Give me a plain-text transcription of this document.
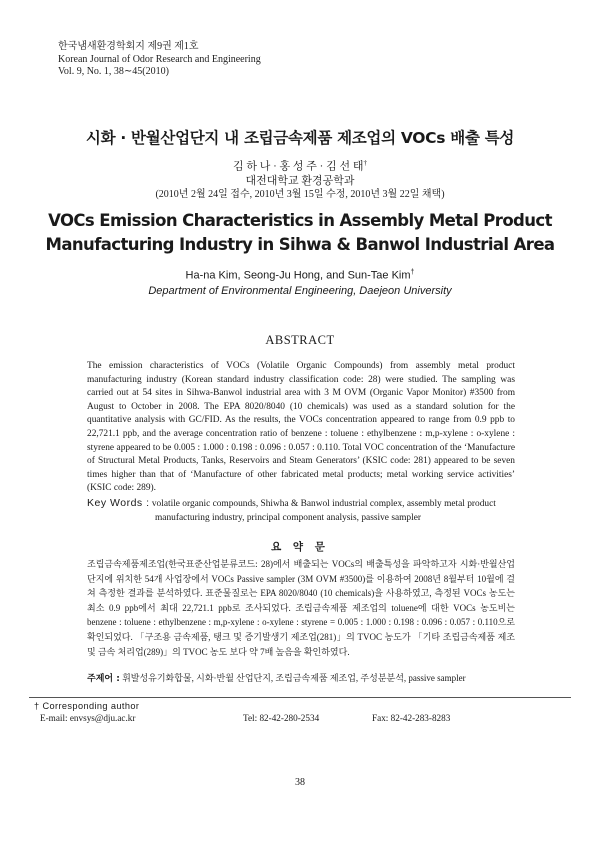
한국냄새환경학회지 제9권 제1호
Korean Journal of Odor Research and Engineering
Vol. 9, No. 1, 38∼45(2010)
시화 · 반월산업단지 내 조립금속제품 제조업의 VOCs 배출 특성
김 하 나 · 홍 성 주 · 김 선 태†
대전대학교 환경공학과
(2010년 2월 24일 접수, 2010년 3월 15일 수정, 2010년 3월 22일 채택)
VOCs Emission Characteristics in Assembly Metal Product
Manufacturing Industry in Sihwa & Banwol Industrial Area
Ha-na Kim, Seong-Ju Hong, and Sun-Tae Kim†
Department of Environmental Engineering, Daejeon University
ABSTRACT
The emission characteristics of VOCs (Volatile Organic Compounds) from assembly metal product manufacturing industry (Korean standard industry classification code: 28) were studied. The sampling was carried out at 54 sites in Sihwa-Banwol industrial area with 3 M OVM (Organic Vapor Monitor) #3500 from August to October in 2008. The EPA 8020/8040 (10 chemicals) was used as a standard solution for the quantitative analysis with GC/FID. As the results, the VOCs concentration appeared to range from 0.9 ppb to 22,721.1 ppb, and the average concentration ratio of benzene : toluene : ethylbenzene : m,p-xylene : o-xylene : styrene appeared to be 0.005 : 1.000 : 0.198 : 0.096 : 0.057 : 0.110. Total VOC concentration of the ‘Manufacture of Structural Metal Products, Tanks, Reservoirs and Steam Generators’ (KSIC code: 281) appeared to be seven times higher than that of ‘Manufacture of other fabricated metal products; metal working service activities’ (KSIC code: 289).
Key Words : volatile organic compounds, Shiwha & Banwol industrial complex, assembly metal product
manufacturing industry, principal component analysis, passive sampler
요 약 문
조립금속제품제조업(한국표준산업분류코드: 28)에서 배출되는 VOCs의 배출특성을 파악하고자 시화·반월산업단지에 위치한 54개 사업장에서 VOCs Passive sampler (3M OVM #3500)를 이용하여 2008년 8월부터 10월에 걸쳐 측정한 결과를 분석하였다. 표준물질로는 EPA 8020/8040 (10 chemicals)을 사용하였고, 측정된 VOCs 농도는 최소 0.9 ppb에서 최대 22,721.1 ppb로 조사되었다. 조립금속제품 제조업의 toluene에 대한 VOCs 농도비는 benzene : toluene : ethylbenzene : m,p-xylene : o-xylene : styrene = 0.005 : 1.000 : 0.198 : 0.096 : 0.057 : 0.110으로 확인되었다. 「구조용 금속제품, 탱크 및 증기발생기 제조업(281)」의 TVOC 농도가 「기타 조립금속제품 제조 및 금속 처리업(289)」의 TVOC 농도 보다 약 7배 높음을 확인하였다.
주제어 : 휘발성유기화합물, 시화·반월 산업단지, 조립금속제품 제조업, 주성분분석, passive sampler
† Corresponding author
E-mail: envsys@dju.ac.kr	Tel: 82-42-280-2534	Fax: 82-42-283-8283
38
